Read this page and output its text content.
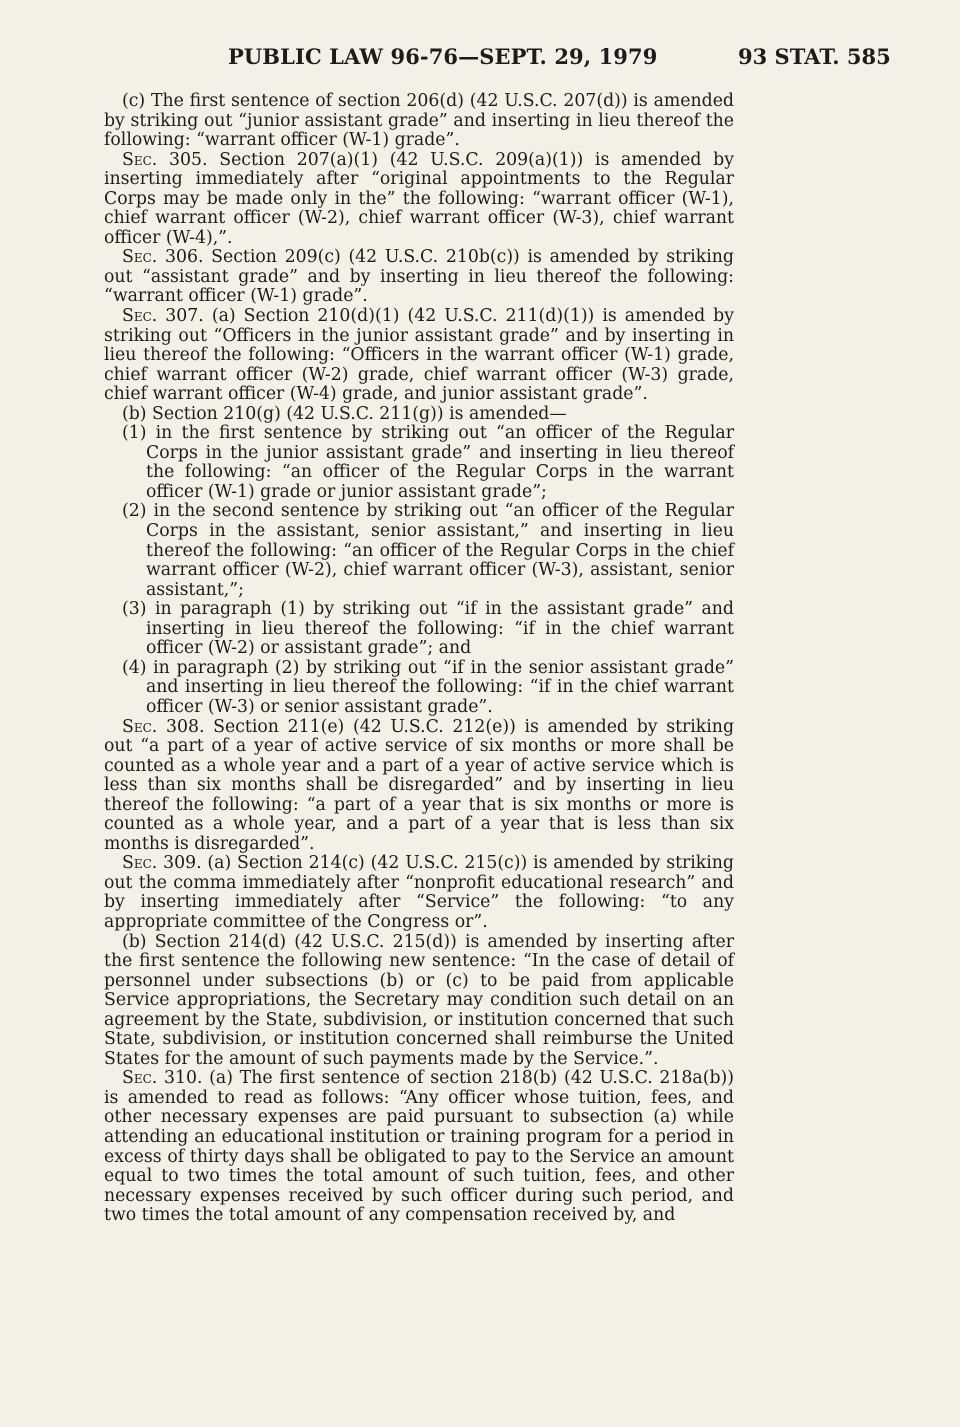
PUBLIC LAW 96-76—SEPT. 29, 1979	93 STAT. 585

(c) The first sentence of section 206(d) (42 U.S.C. 207(d)) is amended by striking out “junior assistant grade” and inserting in lieu thereof the following: “warrant officer (W-1) grade”.

Sec. 305. Section 207(a)(1) (42 U.S.C. 209(a)(1)) is amended by inserting immediately after “original appointments to the Regular Corps may be made only in the” the following: “warrant officer (W-1), chief warrant officer (W-2), chief warrant officer (W-3), chief warrant officer (W-4),”.

Sec. 306. Section 209(c) (42 U.S.C. 210b(c)) is amended by striking out “assistant grade” and by inserting in lieu thereof the following: “warrant officer (W-1) grade”.

Sec. 307. (a) Section 210(d)(1) (42 U.S.C. 211(d)(1)) is amended by striking out “Officers in the junior assistant grade” and by inserting in lieu thereof the following: “Officers in the warrant officer (W-1) grade, chief warrant officer (W-2) grade, chief warrant officer (W-3) grade, chief warrant officer (W-4) grade, and junior assistant grade”.

(b) Section 210(g) (42 U.S.C. 211(g)) is amended—

(1) in the first sentence by striking out “an officer of the Regular Corps in the junior assistant grade” and inserting in lieu thereof the following: “an officer of the Regular Corps in the warrant officer (W-1) grade or junior assistant grade”;

(2) in the second sentence by striking out “an officer of the Regular Corps in the assistant, senior assistant,” and inserting in lieu thereof the following: “an officer of the Regular Corps in the chief warrant officer (W-2), chief warrant officer (W-3), assistant, senior assistant,”;

(3) in paragraph (1) by striking out “if in the assistant grade” and inserting in lieu thereof the following: “if in the chief warrant officer (W-2) or assistant grade”; and

(4) in paragraph (2) by striking out “if in the senior assistant grade” and inserting in lieu thereof the following: “if in the chief warrant officer (W-3) or senior assistant grade”.

Sec. 308. Section 211(e) (42 U.S.C. 212(e)) is amended by striking out “a part of a year of active service of six months or more shall be counted as a whole year and a part of a year of active service which is less than six months shall be disregarded” and by inserting in lieu thereof the following: “a part of a year that is six months or more is counted as a whole year, and a part of a year that is less than six months is disregarded”.

Sec. 309. (a) Section 214(c) (42 U.S.C. 215(c)) is amended by striking out the comma immediately after “nonprofit educational research” and by inserting immediately after “Service” the following: “to any appropriate committee of the Congress or”.

(b) Section 214(d) (42 U.S.C. 215(d)) is amended by inserting after the first sentence the following new sentence: “In the case of detail of personnel under subsections (b) or (c) to be paid from applicable Service appropriations, the Secretary may condition such detail on an agreement by the State, subdivision, or institution concerned that such State, subdivision, or institution concerned shall reimburse the United States for the amount of such payments made by the Service.”.

Sec. 310. (a) The first sentence of section 218(b) (42 U.S.C. 218a(b)) is amended to read as follows: “Any officer whose tuition, fees, and other necessary expenses are paid pursuant to subsection (a) while attending an educational institution or training program for a period in excess of thirty days shall be obligated to pay to the Service an amount equal to two times the total amount of such tuition, fees, and other necessary expenses received by such officer during such period, and two times the total amount of any compensation received by, and
